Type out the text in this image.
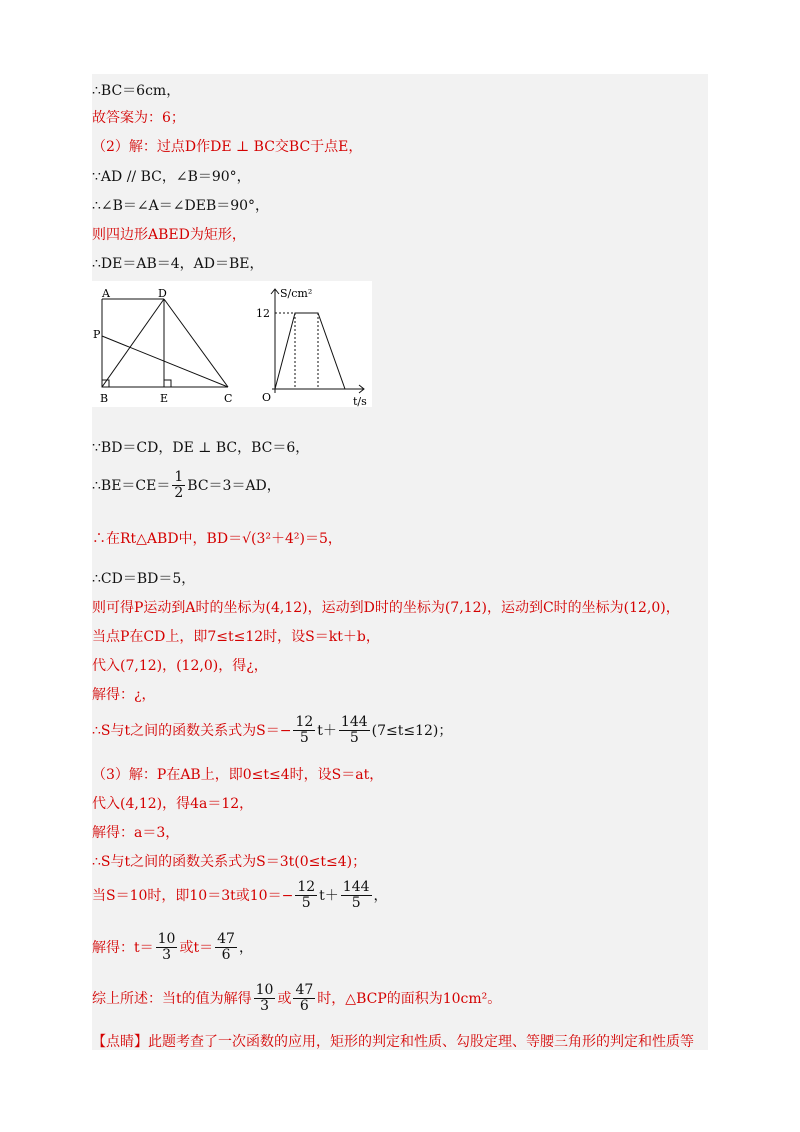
∴BC＝6cm，
故答案为：6；
（2）解：过点D作DE ⊥ BC交BC于点E，
∵AD // BC，∠B＝90°，
∴∠B＝∠A＝∠DEB＝90°，
则四边形ABED为矩形，
∴DE＝AB＝4，AD＝BE，
A	D
P
B	E	C
S/cm²
12
O	t/s
∵BD＝CD，DE ⊥ BC，BC＝6，
∴BE＝CE＝ $\frac{1}{2} BC=3=AD$，
∴在Rt△ABD中，BD＝√(3²＋4²)＝5，
∴CD＝BD＝5，
则可得P运动到A时的坐标为(4,12)，运动到D时的坐标为(7,12)，运动到C时的坐标为(12,0)，
当点P在CD上，即7≤t≤12时，设S＝kt＋b，
代入(7,12)，(12,0)，得¿，
解得：¿，
∴S与t之间的函数关系式为$S=- \frac{12}{5} t+ \frac{144}{5} (7\le t\le 12)$；
（3）解：P在AB上，即0≤t≤4时，设S＝at，
代入(4,12)，得4a＝12，
解得：a＝3，
∴S与t之间的函数关系式为S＝3t(0≤t≤4)；
当S＝10时，即10＝3t或$10=- \frac{12}{5} t+ \frac{144}{5}$ ，
解得：$t= \frac{10}{3}$ 或$t= \frac{47}{6}$ ，
综上所述：当t的值为解得 $\frac{10}{3}$ 或 $\frac{47}{6}$ 时，△BCP的面积为10cm²。
【点睛】此题考查了一次函数的应用，矩形的判定和性质、勾股定理、等腰三角形的判定和性质等
